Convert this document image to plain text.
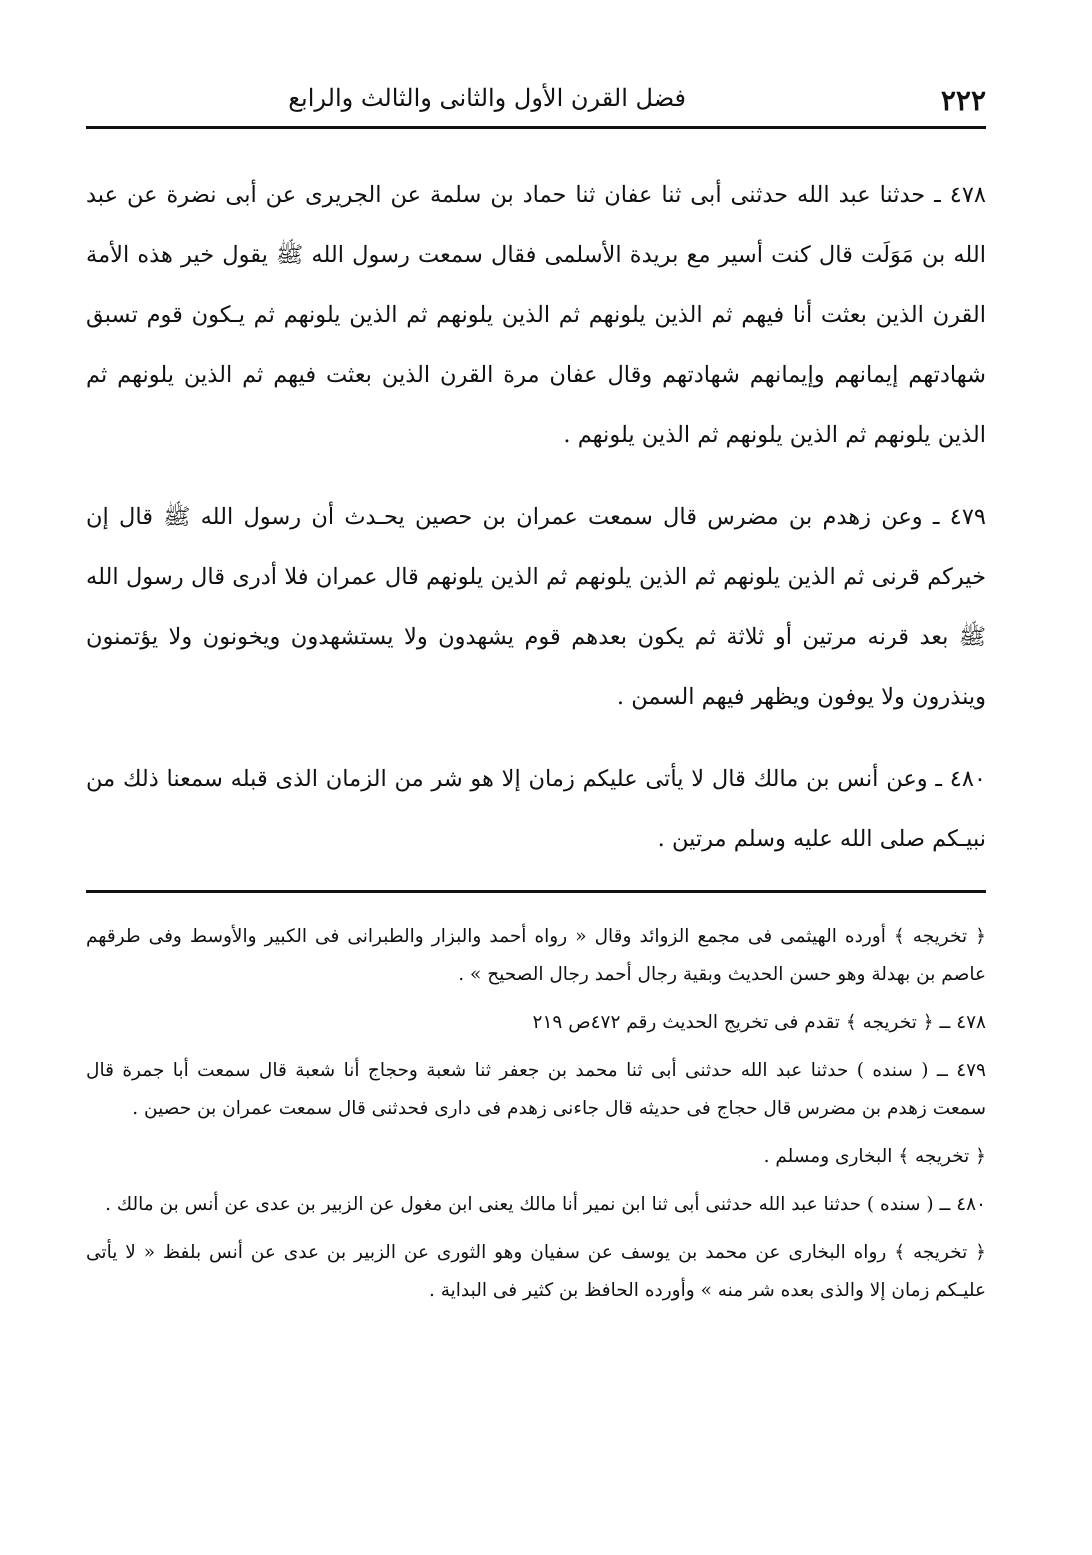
٢٢٢
فضل القرن الأول والثانى والثالث والرابع

٤٧٨ ـ حدثنا عبد الله حدثنى أبى ثنا عفان ثنا حماد بن سلمة عن الجريرى عن أبى نضرة عن عبد الله بن مَوَلَت قال كنت أسير مع بريدة الأسلمى فقال سمعت رسول الله ﷺ يقول خير هذه الأمة القرن الذين بعثت أنا فيهم ثم الذين يلونهم ثم الذين يلونهم ثم الذين يلونهم ثم يـكون قوم تسبق شهادتهم إيمانهم وإيمانهم شهادتهم وقال عفان مرة القرن الذين بعثت فيهم ثم الذين يلونهم ثم الذين يلونهم ثم الذين يلونهم ثم الذين يلونهم .

٤٧٩ ـ وعن زهدم بن مضرس قال سمعت عمران بن حصين يحـدث أن رسول الله ﷺ قال إن خيركم قرنى ثم الذين يلونهم ثم الذين يلونهم ثم الذين يلونهم قال عمران فلا أدرى قال رسول الله ﷺ بعد قرنه مرتين أو ثلاثة ثم يكون بعدهم قوم يشهدون ولا يستشهدون ويخونون ولا يؤتمنون وينذرون ولا يوفون ويظهر فيهم السمن .

٤٨٠ ـ وعن أنس بن مالك قال لا يأتى عليكم زمان إلا هو شر من الزمان الذى قبله سمعنا ذلك من نبيـكم صلى الله عليه وسلم مرتين .

﴿ تخريجه ﴾ أورده الهيثمى فى مجمع الزوائد وقال « رواه أحمد والبزار والطبرانى فى الكبير والأوسط وفى طرقهم عاصم بن بهدلة وهو حسن الحديث وبقية رجال أحمد رجال الصحيح » .

٤٧٨ ــ ﴿ تخريجه ﴾ تقدم فى تخريج الحديث رقم ٤٧٢ص ٢١٩

٤٧٩ ــ ( سنده ) حدثنا عبد الله حدثنى أبى ثنا محمد بن جعفر ثنا شعبة وحجاج أنا شعبة قال سمعت أبا جمرة قال سمعت زهدم بن مضرس قال حجاج فى حديثه قال جاءنى زهدم فى دارى فحدثنى قال سمعت عمران بن حصين .

﴿ تخريجه ﴾ البخارى ومسلم .

٤٨٠ ــ ( سنده ) حدثنا عبد الله حدثنى أبى ثنا ابن نمير أنا مالك يعنى ابن مغول عن الزبير بن عدى عن أنس بن مالك .

﴿ تخريجه ﴾ رواه البخارى عن محمد بن يوسف عن سفيان وهو الثورى عن الزبير بن عدى عن أنس بلفظ « لا يأتى عليـكم زمان إلا والذى بعده شر منه » وأورده الحافظ بن كثير فى البداية .
